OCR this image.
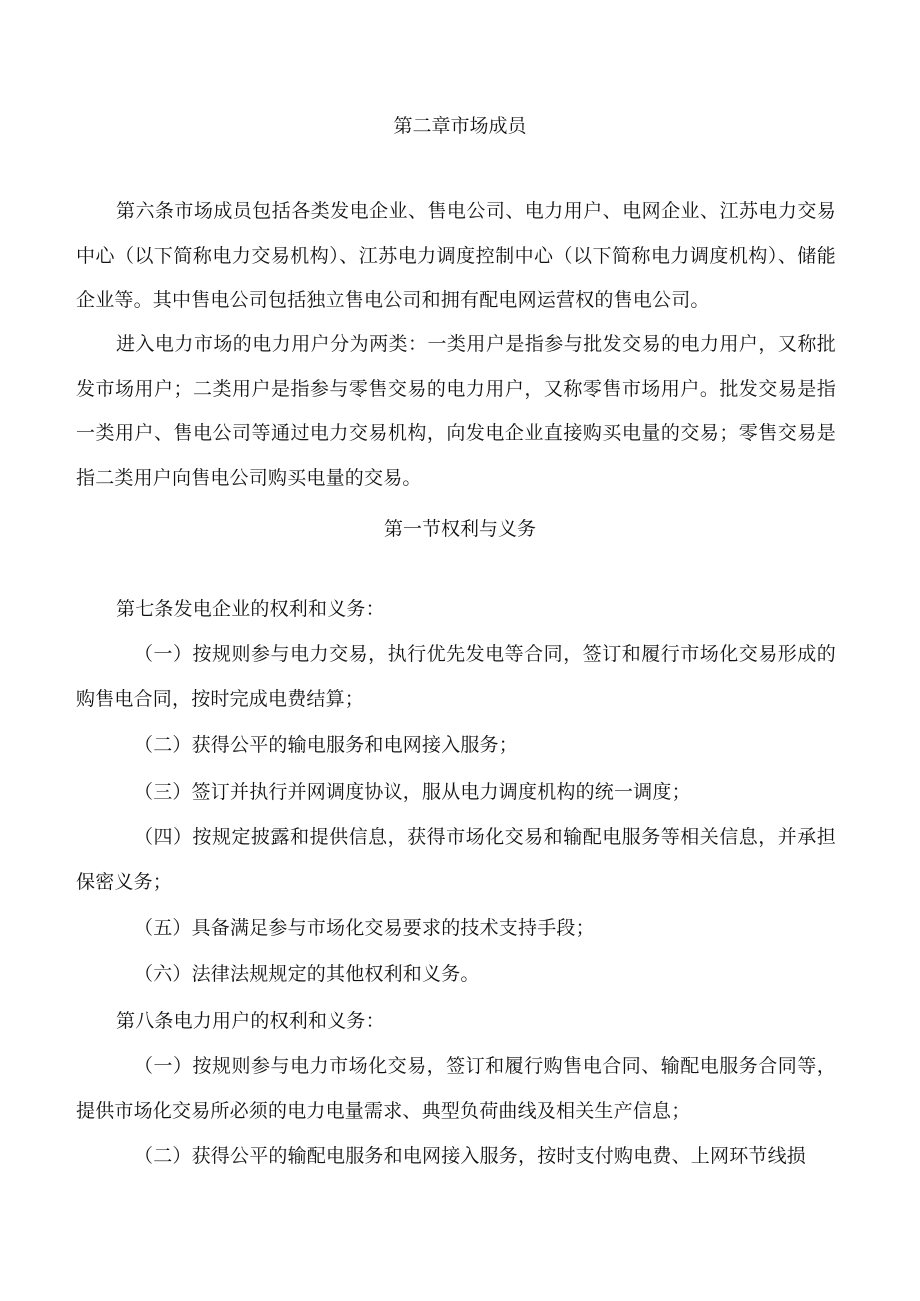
第二章市场成员
第六条市场成员包括各类发电企业、售电公司、电力用户、电网企业、江苏电力交易中心（以下简称电力交易机构）、江苏电力调度控制中心（以下简称电力调度机构）、储能企业等。其中售电公司包括独立售电公司和拥有配电网运营权的售电公司。
进入电力市场的电力用户分为两类：一类用户是指参与批发交易的电力用户，又称批发市场用户；二类用户是指参与零售交易的电力用户，又称零售市场用户。批发交易是指一类用户、售电公司等通过电力交易机构，向发电企业直接购买电量的交易；零售交易是指二类用户向售电公司购买电量的交易。
第一节权利与义务
第七条发电企业的权利和义务：
（一）按规则参与电力交易，执行优先发电等合同，签订和履行市场化交易形成的购售电合同，按时完成电费结算；
（二）获得公平的输电服务和电网接入服务；
（三）签订并执行并网调度协议，服从电力调度机构的统一调度；
（四）按规定披露和提供信息，获得市场化交易和输配电服务等相关信息，并承担保密义务；
（五）具备满足参与市场化交易要求的技术支持手段；
（六）法律法规规定的其他权利和义务。
第八条电力用户的权利和义务：
（一）按规则参与电力市场化交易，签订和履行购售电合同、输配电服务合同等，提供市场化交易所必须的电力电量需求、典型负荷曲线及相关生产信息；
（二）获得公平的输配电服务和电网接入服务，按时支付购电费、上网环节线损
